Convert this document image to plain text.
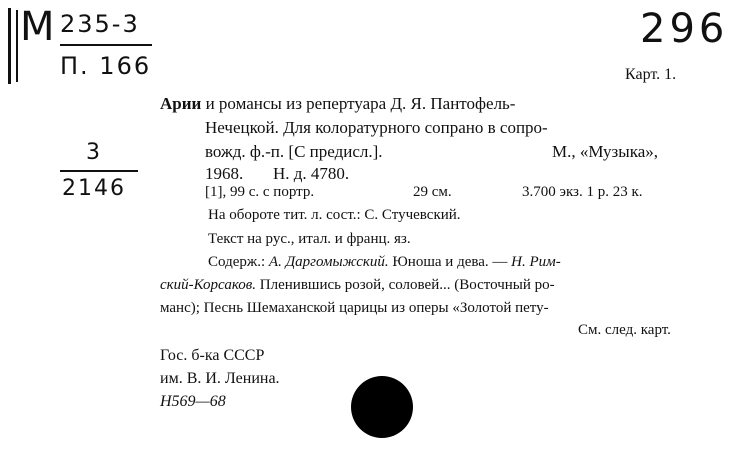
M 235-3
П. 166
296
3
2146
Карт. 1.
Арии и романсы из репертуара Д. Я. Пантофель-
Нечецкой. Для колоратурного сопрано в сопро-
вожд. ф.-п. [С предисл.].	М., «Музыка»,
1968.       Н. д. 4780.
[1], 99 с. с портр.	29 см.	3.700 экз. 1 р. 23 к.
На обороте тит. л. сост.: С. Стучевский.
Текст на рус., итал. и франц. яз.
Содерж.: А. Даргомыжский. Юноша и дева. — Н. Рим-
ский-Корсаков. Пленившись розой, соловей... (Восточный ро-
манс); Песнь Шемаханской царицы из оперы «Золотой пету-
См. след. карт.
Гос. б-ка СССР
им. В. И. Ленина.
Н569—68
